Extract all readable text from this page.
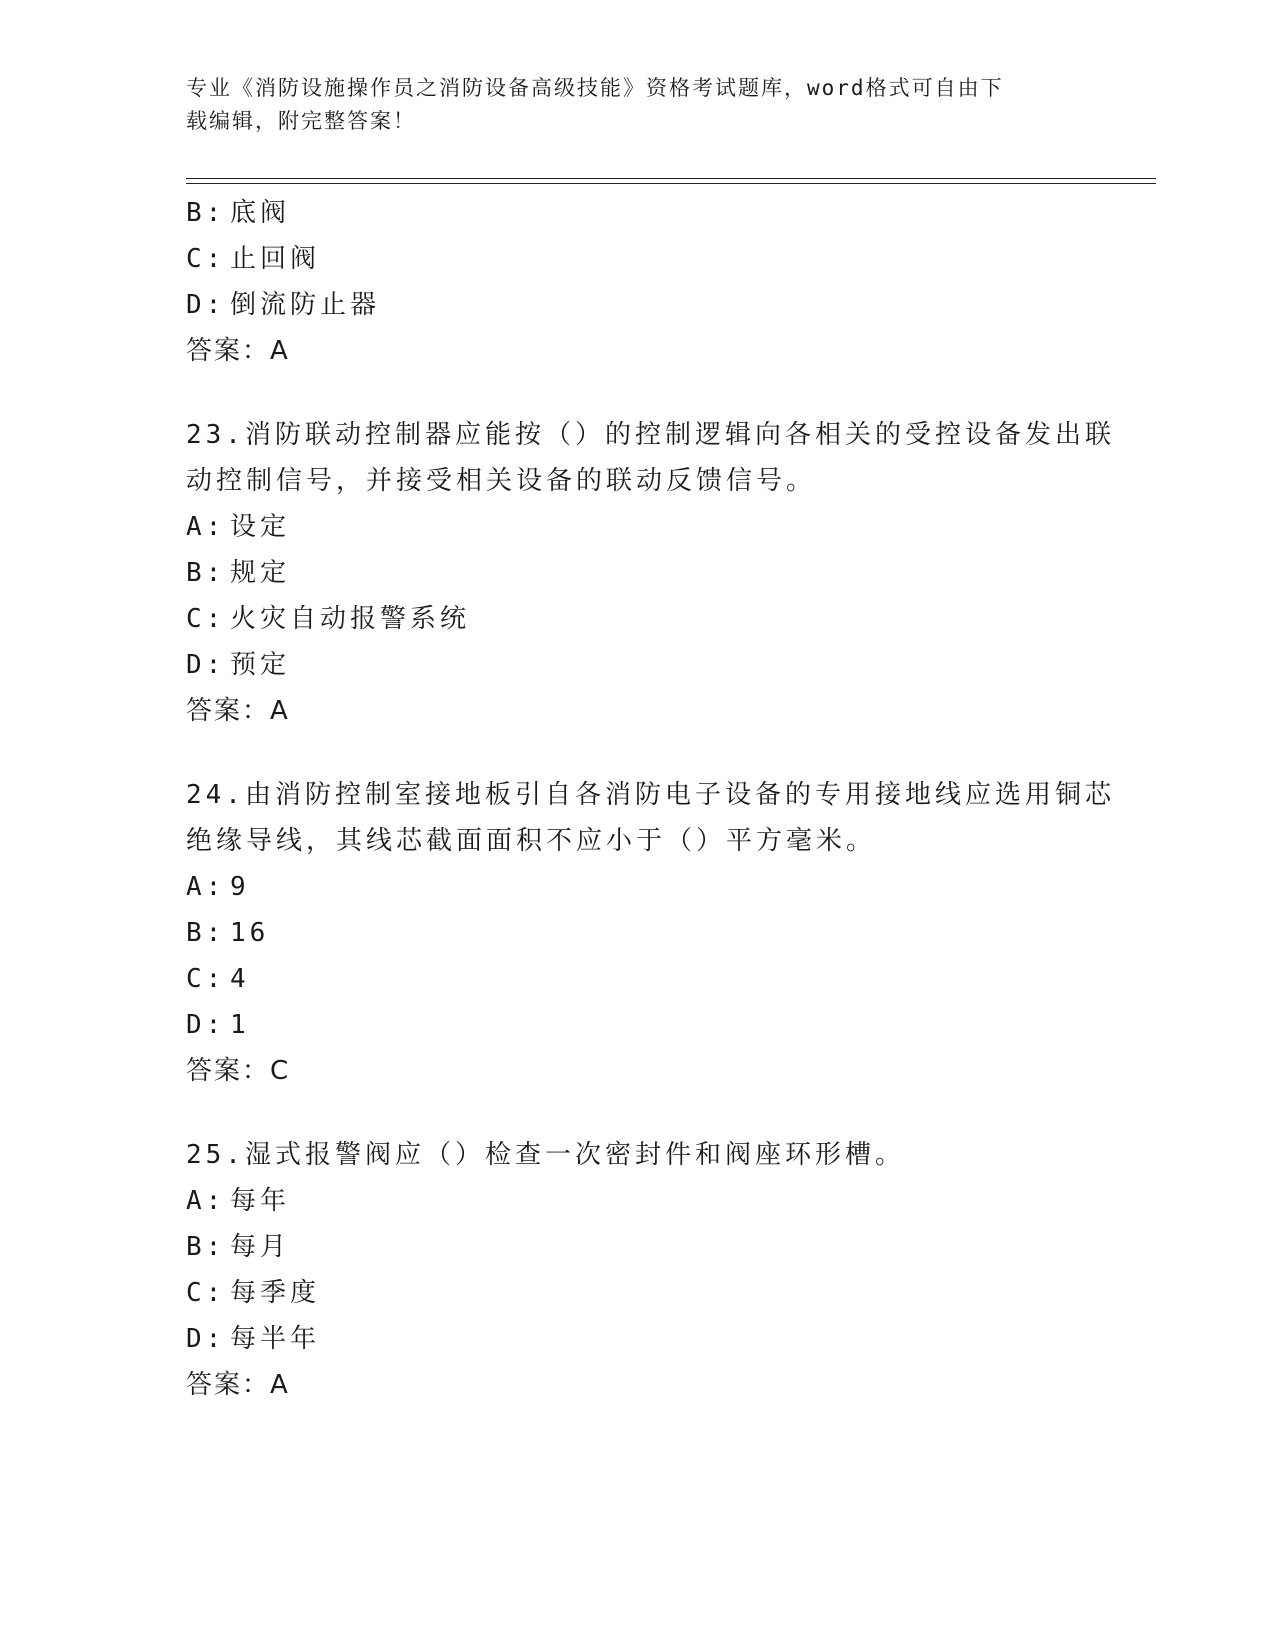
专业《消防设施操作员之消防设备高级技能》资格考试题库，word格式可自由下
载编辑，附完整答案！
B: 底阀
C: 止回阀
D: 倒流防止器
答案：A
23.消防联动控制器应能按（）的控制逻辑向各相关的受控设备发出联
动控制信号，并接受相关设备的联动反馈信号。
A: 设定
B: 规定
C: 火灾自动报警系统
D: 预定
答案：A
24.由消防控制室接地板引自各消防电子设备的专用接地线应选用铜芯
绝缘导线，其线芯截面面积不应小于（）平方毫米。
A: 9
B: 16
C: 4
D: 1
答案：C
25.湿式报警阀应（）检查一次密封件和阀座环形槽。
A: 每年
B: 每月
C: 每季度
D: 每半年
答案：A
